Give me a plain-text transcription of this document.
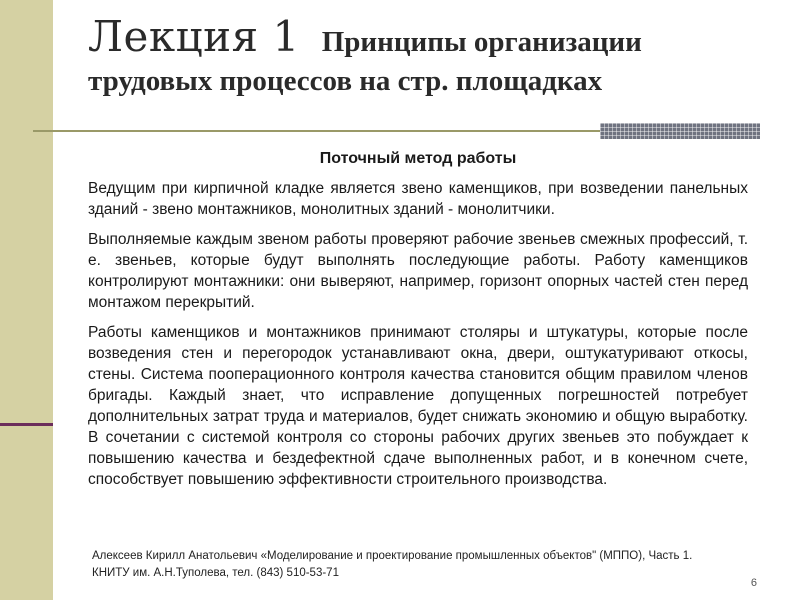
Лекция 1 Принципы организации
трудовых процессов на стр. площадках
Поточный метод работы

Ведущим при кирпичной кладке является звено каменщиков, при возведении панельных зданий - звено монтажников, монолитных зданий - монолитчики.

Выполняемые каждым звеном работы проверяют рабочие звеньев смежных профессий, т. е. звеньев, которые будут выполнять последующие работы. Работу каменщиков контролируют монтажники: они выверяют, например, горизонт опорных частей стен перед монтажом перекрытий.

Работы каменщиков и монтажников принимают столяры и штукатуры, которые после возведения стен и перегородок устанавливают окна, двери, оштукатуривают откосы, стены. Система пооперационного контроля качества становится общим правилом членов бригады. Каждый знает, что исправление допущенных погрешностей потребует дополнительных затрат труда и материалов, будет снижать экономию и общую выработку. В сочетании с системой контроля со стороны рабочих других звеньев это побуждает к повышению качества и бездефектной сдаче выполненных работ, и в конечном счете, способствует повышению эффективности строительного производства.

Алексеев Кирилл Анатольевич «Моделирование и проектирование промышленных объектов" (МППО), Часть 1.
КНИТУ им. А.Н.Туполева, тел. (843) 510-53-71
6
